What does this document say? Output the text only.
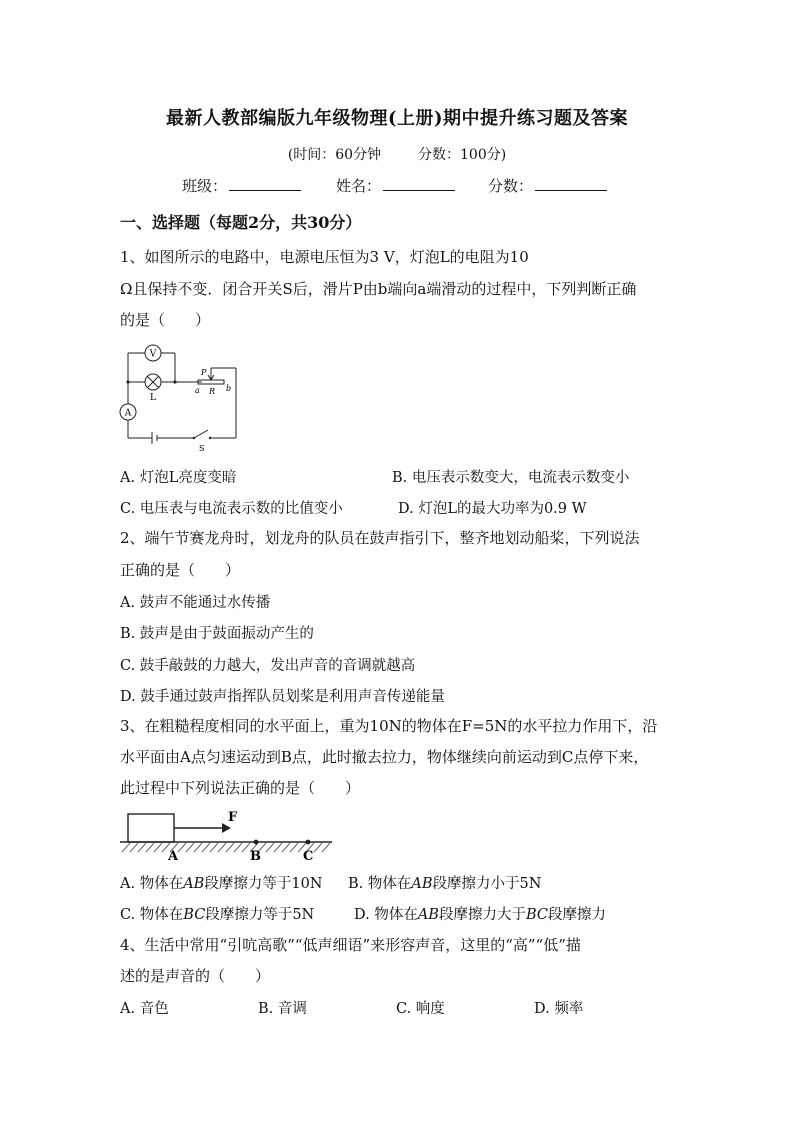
最新人教部编版九年级物理(上册)期中提升练习题及答案
(时间：60分钟	分数：100分)
班级：	姓名：	分数：
一、选择题（每题2分，共30分）
1、如图所示的电路中，电源电压恒为3 V，灯泡L的电阻为10
Ω且保持不变．闭合开关S后，滑片P由b端向a端滑动的过程中，下列判断正确
的是（　　）
V
A
L
P
a R b
S
A. 灯泡L亮度变暗	B. 电压表示数变大，电流表示数变小
C. 电压表与电流表示数的比值变小	D. 灯泡L的最大功率为0.9 W
2、端午节赛龙舟时，划龙舟的队员在鼓声指引下，整齐地划动船桨，下列说法
正确的是（　　）
A. 鼓声不能通过水传播
B. 鼓声是由于鼓面振动产生的
C. 鼓手敲鼓的力越大，发出声音的音调就越高
D. 鼓手通过鼓声指挥队员划桨是利用声音传递能量
3、在粗糙程度相同的水平面上，重为10N的物体在F=5N的水平拉力作用下，沿
水平面由A点匀速运动到B点，此时撤去拉力，物体继续向前运动到C点停下来，
此过程中下列说法正确的是（　　）
F
A	B	C
A. 物体在AB段摩擦力等于10N B. 物体在AB段摩擦力小于5N
C. 物体在BC段摩擦力等于5N	D. 物体在AB段摩擦力大于BC段摩擦力
4、生活中常用“引吭高歌”“低声细语”来形容声音，这里的“高”“低”描
述的是声音的（　　）
A. 音色	B. 音调	C. 响度	D. 频率
